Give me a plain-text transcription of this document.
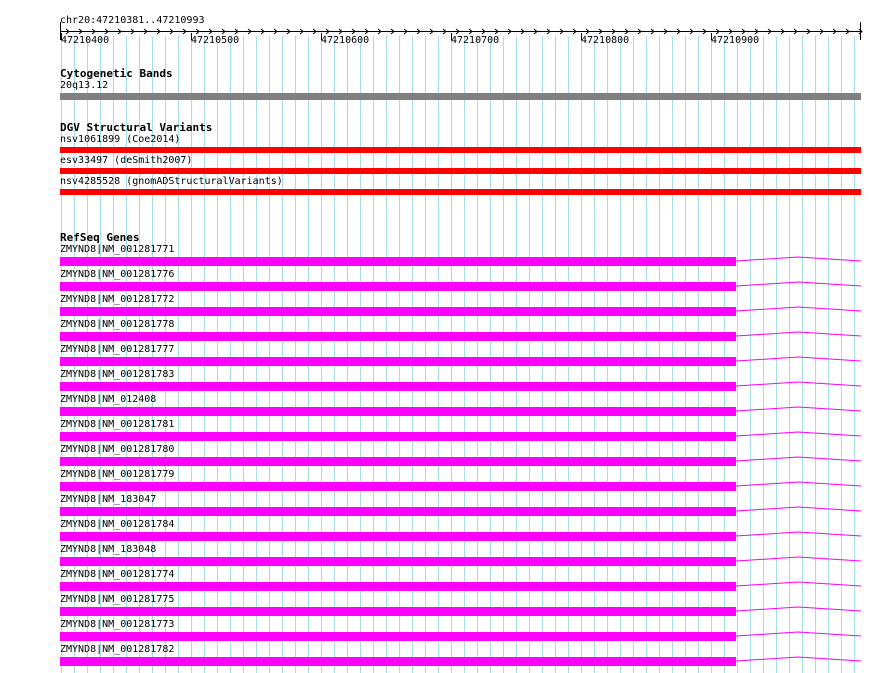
chr20:47210381..47210993
47210400	47210500	47210600	47210700	47210800	47210900
Cytogenetic Bands
20q13.12
DGV Structural Variants
nsv1061899 (Coe2014)
esv33497 (deSmith2007)
nsv4285528 (gnomADStructuralVariants)
RefSeq Genes
ZMYND8|NM_001281771
ZMYND8|NM_001281776
ZMYND8|NM_001281772
ZMYND8|NM_001281778
ZMYND8|NM_001281777
ZMYND8|NM_001281783
ZMYND8|NM_012408
ZMYND8|NM_001281781
ZMYND8|NM_001281780
ZMYND8|NM_001281779
ZMYND8|NM_183047
ZMYND8|NM_001281784
ZMYND8|NM_183048
ZMYND8|NM_001281774
ZMYND8|NM_001281775
ZMYND8|NM_001281773
ZMYND8|NM_001281782
